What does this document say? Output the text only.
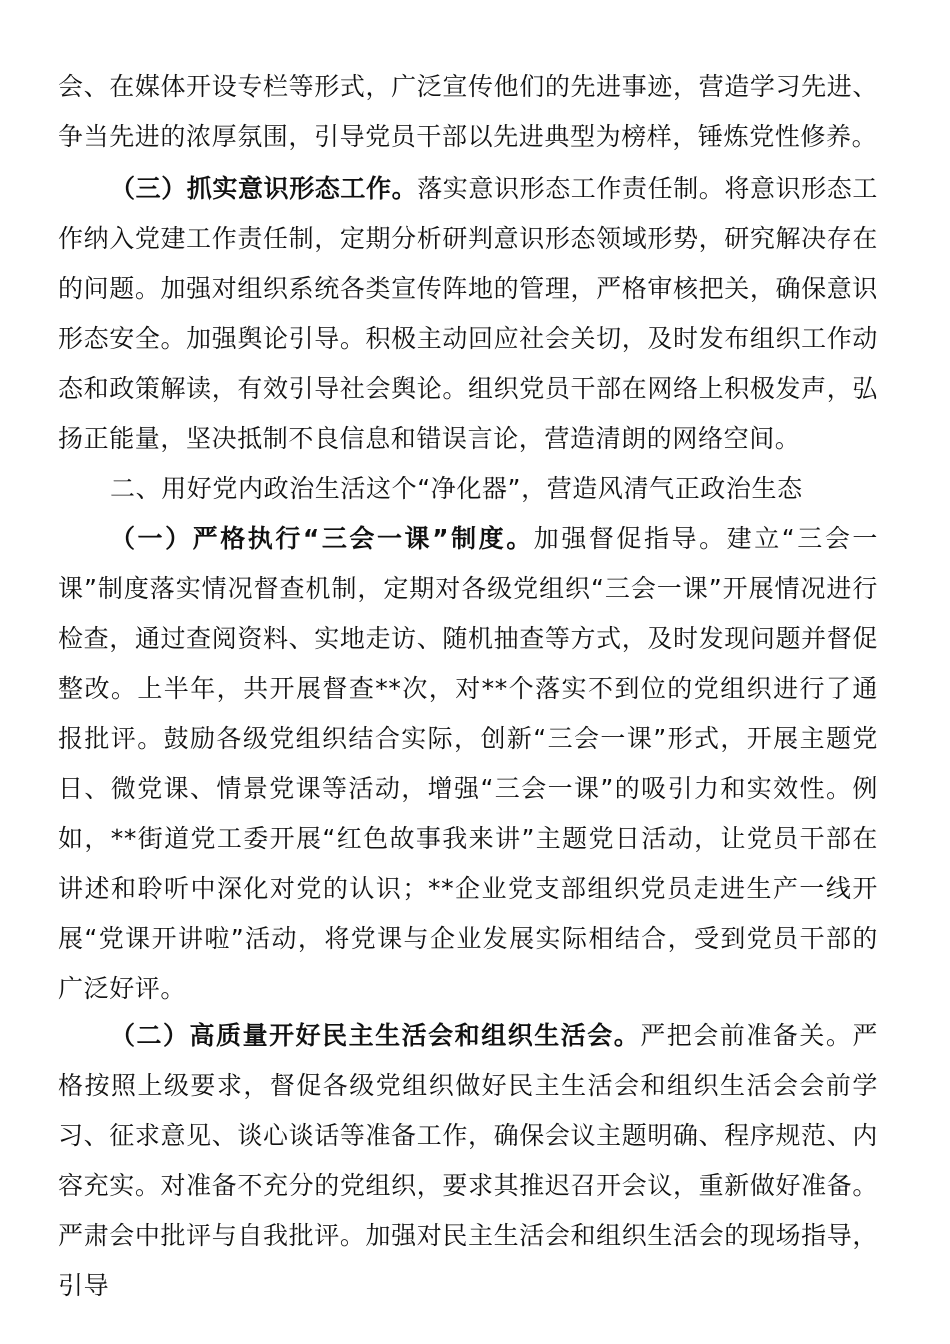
会、在媒体开设专栏等形式，广泛宣传他们的先进事迹，营造学习先进、争当先进的浓厚氛围，引导党员干部以先进典型为榜样，锤炼党性修养。

（三）抓实意识形态工作。落实意识形态工作责任制。将意识形态工作纳入党建工作责任制，定期分析研判意识形态领域形势，研究解决存在的问题。加强对组织系统各类宣传阵地的管理，严格审核把关，确保意识形态安全。加强舆论引导。积极主动回应社会关切，及时发布组织工作动态和政策解读，有效引导社会舆论。组织党员干部在网络上积极发声，弘扬正能量，坚决抵制不良信息和错误言论，营造清朗的网络空间。

二、用好党内政治生活这个“净化器”，营造风清气正政治生态

（一）严格执行“三会一课”制度。加强督促指导。建立“三会一课”制度落实情况督查机制，定期对各级党组织“三会一课”开展情况进行检查，通过查阅资料、实地走访、随机抽查等方式，及时发现问题并督促整改。上半年，共开展督查**次，对**个落实不到位的党组织进行了通报批评。鼓励各级党组织结合实际，创新“三会一课”形式，开展主题党日、微党课、情景党课等活动，增强“三会一课”的吸引力和实效性。例如，**街道党工委开展“红色故事我来讲”主题党日活动，让党员干部在讲述和聆听中深化对党的认识；**企业党支部组织党员走进生产一线开展“党课开讲啦”活动，将党课与企业发展实际相结合，受到党员干部的广泛好评。

（二）高质量开好民主生活会和组织生活会。严把会前准备关。严格按照上级要求，督促各级党组织做好民主生活会和组织生活会会前学习、征求意见、谈心谈话等准备工作，确保会议主题明确、程序规范、内容充实。对准备不充分的党组织，要求其推迟召开会议，重新做好准备。严肃会中批评与自我批评。加强对民主生活会和组织生活会的现场指导，引导
